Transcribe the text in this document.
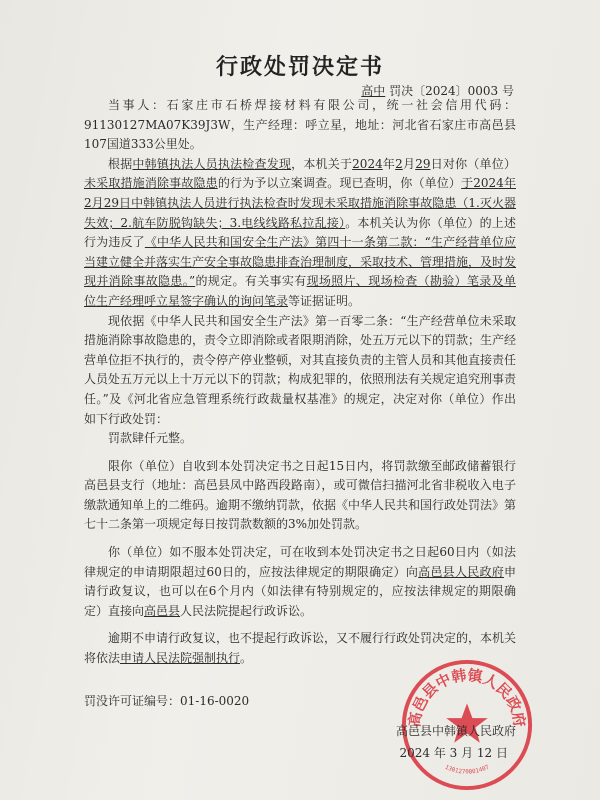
行政处罚决定书
高中 罚决〔2024〕0003 号

当事人：石家庄市石桥焊接材料有限公司，统一社会信用代码：91130127MA07K39J3W，生产经理：呼立星，地址：河北省石家庄市高邑县107国道333公里处。

根据中韩镇执法人员执法检查发现，本机关于2024年2月29日对你（单位）未采取措施消除事故隐患的行为予以立案调查。现已查明，你（单位）于2024年2月29日中韩镇执法人员进行执法检查时发现未采取措施消除事故隐患（1.灭火器失效；2.航车防脱钩缺失；3.电线线路私拉乱接）。本机关认为你（单位）的上述行为违反了《中华人民共和国安全生产法》第四十一条第二款：“生产经营单位应当建立健全并落实生产安全事故隐患排查治理制度，采取技术、管理措施，及时发现并消除事故隐患。”的规定。有关事实有现场照片、现场检查（勘验）笔录及单位生产经理呼立星签字确认的询问笔录等证据证明。

现依据《中华人民共和国安全生产法》第一百零二条：“生产经营单位未采取措施消除事故隐患的，责令立即消除或者限期消除，处五万元以下的罚款；生产经营单位拒不执行的，责令停产停业整顿，对其直接负责的主管人员和其他直接责任人员处五万元以上十万元以下的罚款；构成犯罪的，依照刑法有关规定追究刑事责任。”及《河北省应急管理系统行政裁量权基准》的规定，决定对你（单位）作出如下行政处罚：

罚款肆仟元整。

限你（单位）自收到本处罚决定书之日起15日内，将罚款缴至邮政储蓄银行高邑县支行（地址：高邑县凤中路西段路南），或可微信扫描河北省非税收入电子缴款通知单上的二维码。逾期不缴纳罚款，依据《中华人民共和国行政处罚法》第七十二条第一项规定每日按罚款数额的3%加处罚款。

你（单位）如不服本处罚决定，可在收到本处罚决定书之日起60日内（如法律规定的申请期限超过60日的，应按法律规定的期限确定）向高邑县人民政府申请行政复议，也可以在6个月内（如法律有特别规定的，应按法律规定的期限确定）直接向高邑县人民法院提起行政诉讼。

逾期不申请行政复议，也不提起行政诉讼，又不履行行政处罚决定的，本机关将依法申请人民法院强制执行。

罚没许可证编号：01-16-0020
高邑县中韩镇人民政府
1301270001407
高邑县中韩镇人民政府
2024 年 3 月 12 日
